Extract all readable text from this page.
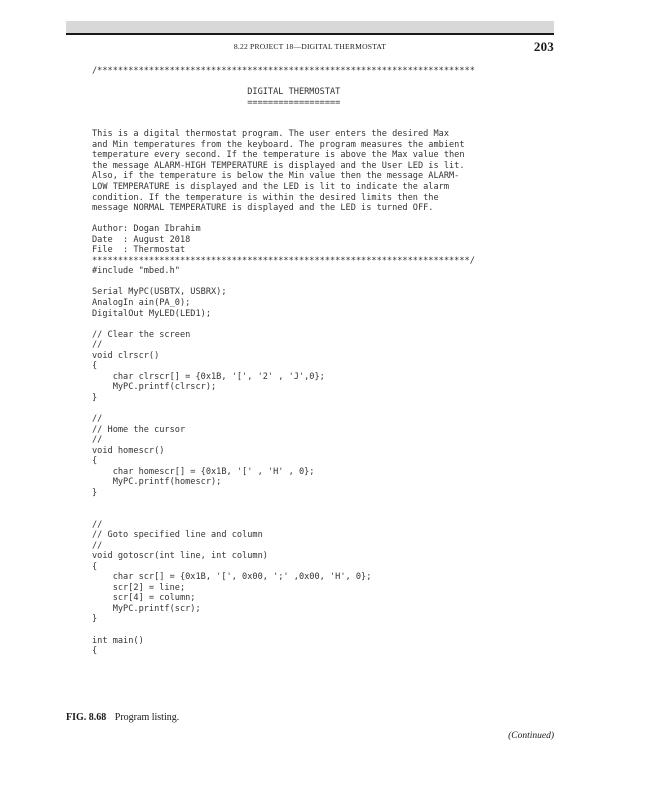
8.22 PROJECT 18—DIGITAL THERMOSTAT	203
/*************************************************************************
DIGITAL THERMOSTAT
==================
This is a digital thermostat program. The user enters the desired Max
and Min temperatures from the keyboard. The program measures the ambient
temperature every second. If the temperature is above the Max value then
the message ALARM-HIGH TEMPERATURE is displayed and the User LED is lit.
Also, if the temperature is below the Min value then the message ALARM-
LOW TEMPERATURE is displayed and the LED is lit to indicate the alarm
condition. If the temperature is within the desired limits then the
message NORMAL TEMPERATURE is displayed and the LED is turned OFF.
Author: Dogan Ibrahim
Date  : August 2018
File  : Thermostat
*************************************************************************/
#include "mbed.h"
Serial MyPC(USBTX, USBRX);
AnalogIn ain(PA_0);
DigitalOut MyLED(LED1);
// Clear the screen
//
void clrscr()
{
char clrscr[] = {0x1B, '[', '2' , 'J',0};
MyPC.printf(clrscr);
}
//
// Home the cursor
//
void homescr()
{
char homescr[] = {0x1B, '[' , 'H' , 0};
MyPC.printf(homescr);
}
//
// Goto specified line and column
//
void gotoscr(int line, int column)
{
char scr[] = {0x1B, '[', 0x00, ';' ,0x00, 'H', 0};
scr[2] = line;
scr[4] = column;
MyPC.printf(scr);
}
int main()
{
FIG. 8.68 Program listing.
(Continued)
